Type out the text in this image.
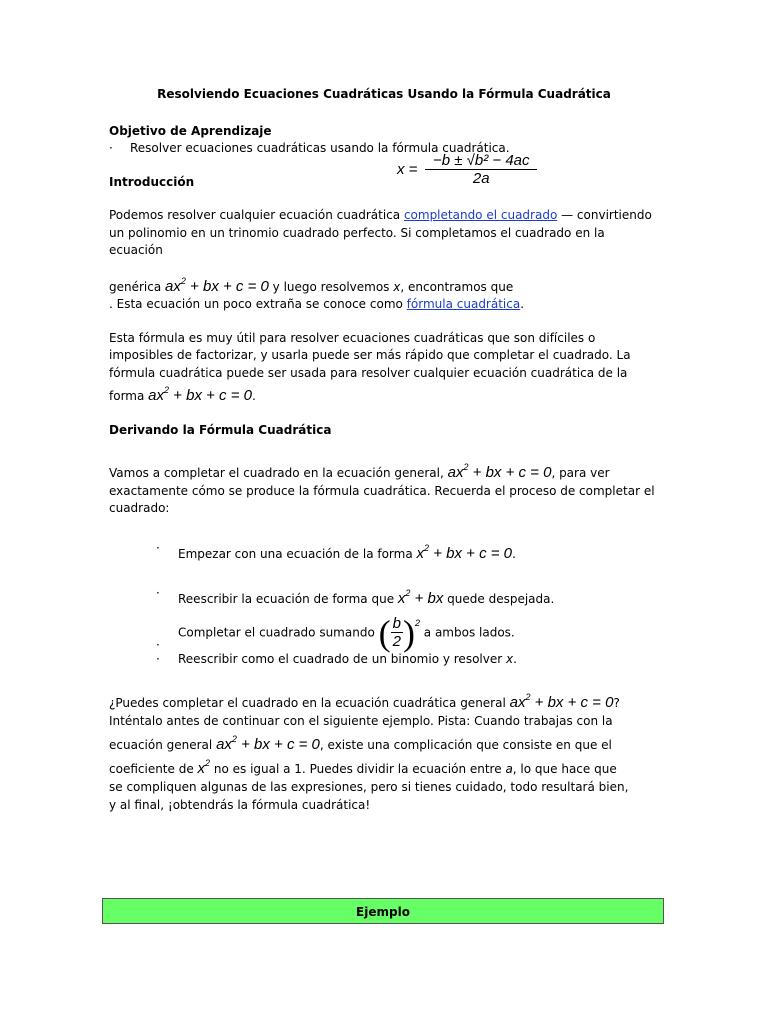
Resolviendo Ecuaciones Cuadráticas Usando la Fórmula Cuadrática

Objetivo de Aprendizaje

· Resolver ecuaciones cuadráticas usando la fórmula cuadrática.

Introducción

Podemos resolver cualquier ecuación cuadrática completando el cuadrado — convirtiendo un polinomio en un trinomio cuadrado perfecto. Si completamos el cuadrado en la ecuación

genérica $ax^2$ + bx + c = 0 y luego resolvemos x, encontramos que

. Esta ecuación un poco extraña se conoce como fórmula cuadrática.

Esta fórmula es muy útil para resolver ecuaciones cuadráticas que son difíciles o imposibles de factorizar, y usarla puede ser más rápido que completar el cuadrado. La fórmula cuadrática puede ser usada para resolver cualquier ecuación cuadrática de la forma $ax^2$ + bx + c = 0.

Derivando la Fórmula Cuadrática

Vamos a completar el cuadrado en la ecuación general, $ax^2$ + bx + c = 0, para ver exactamente cómo se produce la fórmula cuadrática. Recuerda el proceso de completar el cuadrado:

· Empezar con una ecuación de la forma $x^2$ + bx + c = 0.

· Reescribir la ecuación de forma que $x^2$ + bx quede despejada.

·
Completar el cuadrado sumando ( $\frac{b}{2} )^2$
a ambos lados.

· Reescribir como el cuadrado de un binomio y resolver x.

¿Puedes completar el cuadrado en la ecuación cuadrática general $ax^2$ + bx + c = 0? Inténtalo antes de continuar con el siguiente ejemplo. Pista: Cuando trabajas con la ecuación general $ax^2$ + bx + c = 0, existe una complicación que consiste en que el coeficiente de $x^2$ no es igual a 1. Puedes dividir la ecuación entre a, lo que hace que se compliquen algunas de las expresiones, pero si tienes cuidado, todo resultará bien, y al final, ¡obtendrás la fórmula cuadrática!

$x = \frac{\text{−b ± √b² − 4ac}}{2a}$
Ejemplo
